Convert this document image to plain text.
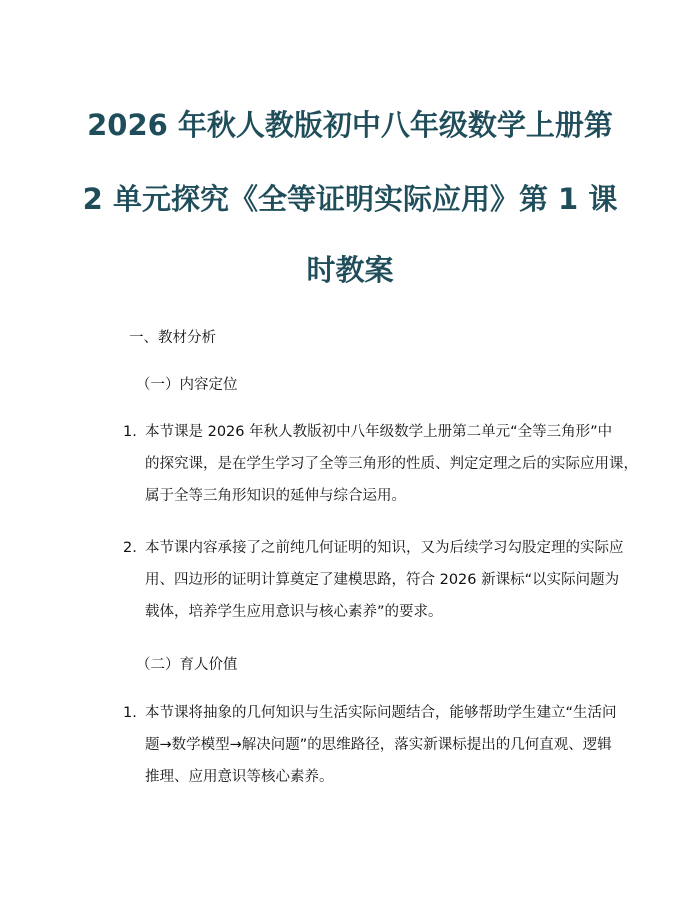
2026 年秋人教版初中八年级数学上册第
2 单元探究《全等证明实际应用》第 1 课
时教案
一、教材分析
（一）内容定位
1. 本节课是 2026 年秋人教版初中八年级数学上册第二单元“全等三角形”中
的探究课，是在学生学习了全等三角形的性质、判定定理之后的实际应用课，
属于全等三角形知识的延伸与综合运用。
2. 本节课内容承接了之前纯几何证明的知识，又为后续学习勾股定理的实际应
用、四边形的证明计算奠定了建模思路，符合 2026 新课标“以实际问题为
载体，培养学生应用意识与核心素养”的要求。
（二）育人价值
1. 本节课将抽象的几何知识与生活实际问题结合，能够帮助学生建立“生活问
题→数学模型→解决问题”的思维路径，落实新课标提出的几何直观、逻辑
推理、应用意识等核心素养。
